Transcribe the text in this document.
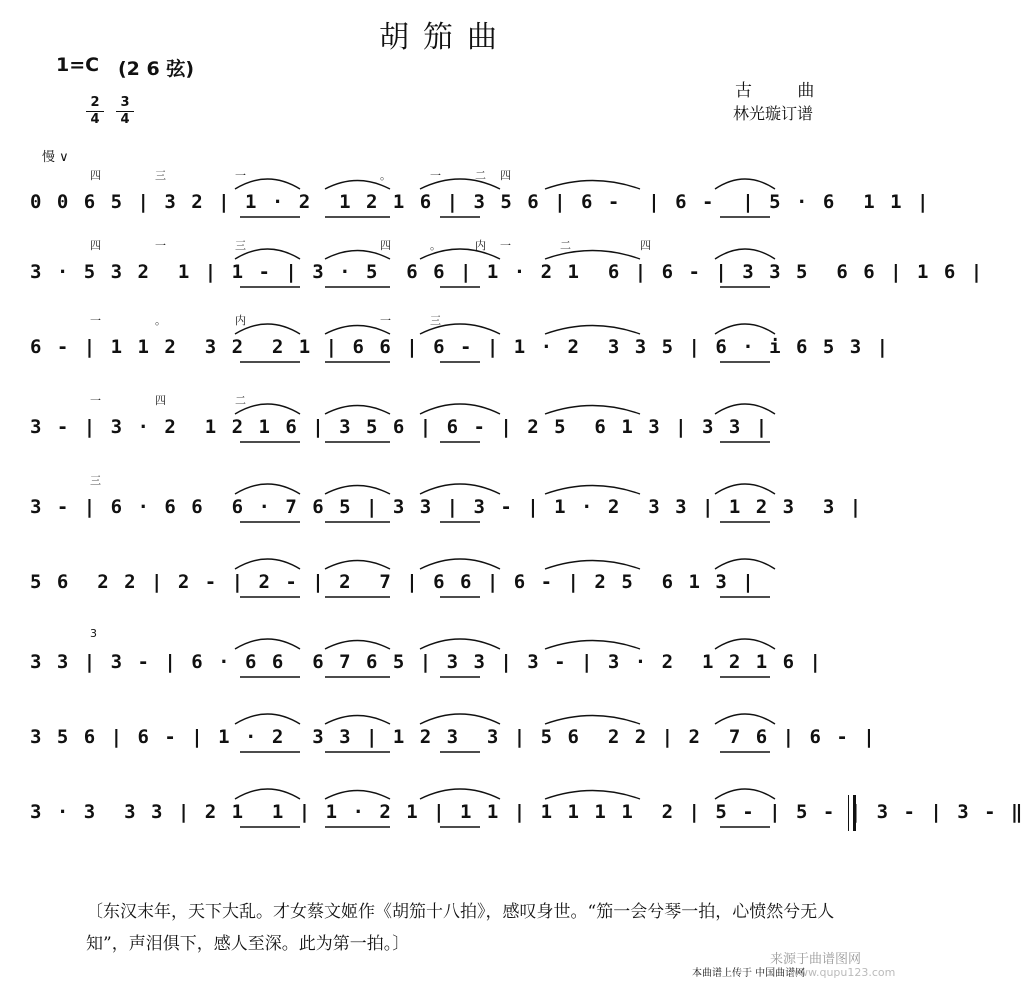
胡笳曲
1=C (2 6 弦)
2
4
3
4
古 曲
林光璇订谱
慢 ∨
四	三	一	。	一	二 四
0 0 6 5 | 3 2 | 1 · 2  1 2 1 6 | 3 5 6 | 6 -  | 6 -  | 5 · 6  1 1 |
四	一	三	四	。	内 一	二	四
3 · 5 3 2  1 | 1 - | 3 · 5  6 6 | 1 · 2 1  6 | 6 - | 3 3 5  6 6 | 1 6 |
一	。	内	一	三
6 - | 1 1 2  3 2  2 1 | 6 6 | 6 - | 1 · 2  3 3 5 | 6 · i 6 5 3 |
一	四	二
3 - | 3 · 2  1 2 1 6 | 3 5 6 | 6 - | 2 5  6 1 3 | 3 3 |
三
3 - | 6 · 6 6  6 · 7 6 5 | 3 3 | 3 - | 1 · 2  3 3 | 1 2 3  3 |
5 6  2 2 | 2 - | 2 - | 2  7 | 6 6 | 6 - | 2 5  6 1 3 |
3
3 3 | 3 - | 6 · 6 6  6 7 6 5 | 3 3 | 3 - | 3 · 2  1 2 1 6 |
3 5 6 | 6 - | 1 · 2  3 3 | 1 2 3  3 | 5 6  2 2 | 2  7 6 | 6 - |
3 · 3  3 3 | 2 1  1 | 1 · 2 1 | 1 1 | 1 1 1 1  2 | 5 - | 5 - | 3 - | 3 - ‖
〔东汉末年，天下大乱。才女蔡文姬作《胡笳十八拍》，感叹身世。“笳一会兮琴一拍，心愤然兮无人知”，声泪俱下，感人至深。此为第一拍。〕
本曲谱上传于 中国曲谱网
来源于曲谱图网
www.qupu123.com
